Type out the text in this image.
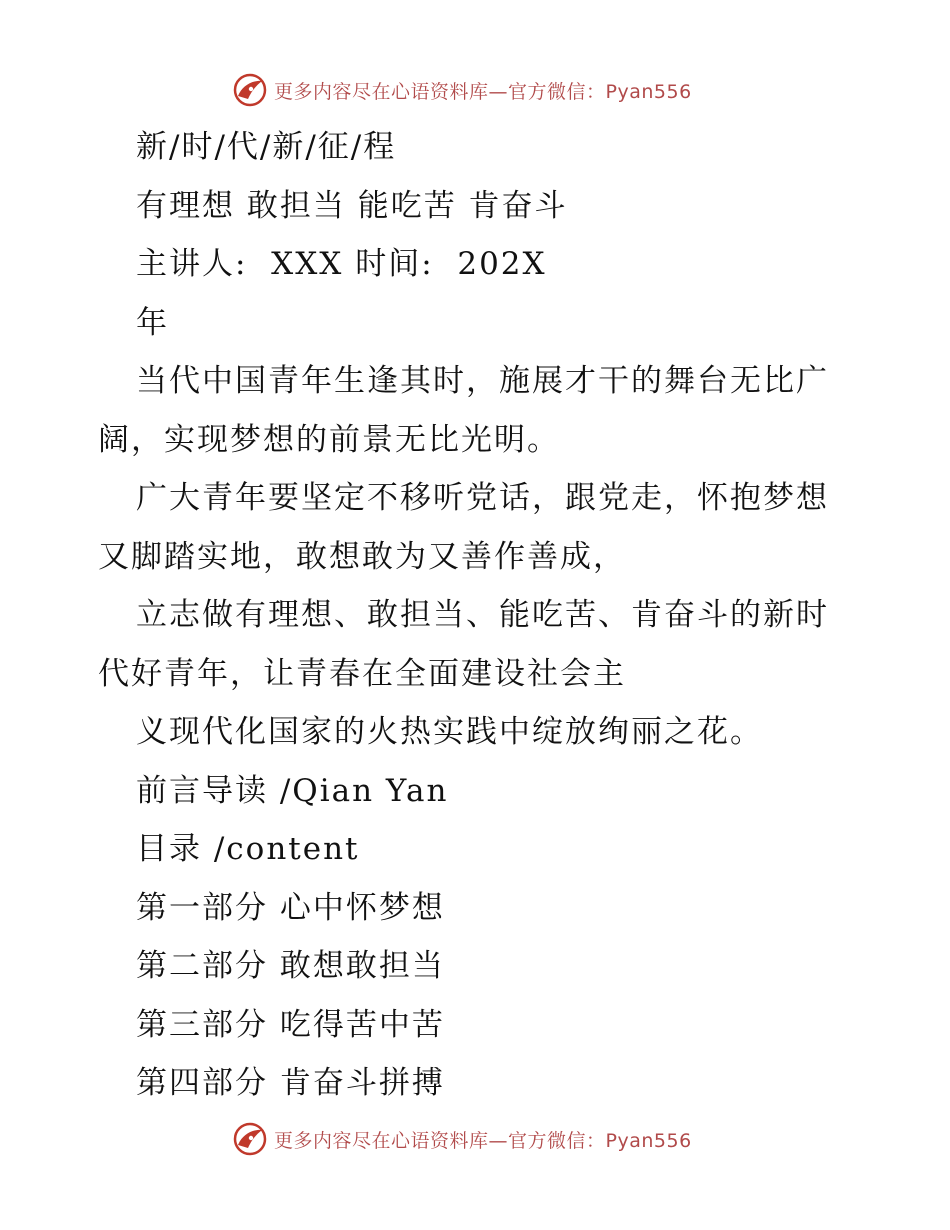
更多内容尽在心语资料库—官方微信：Pyan556

新/时/代/新/征/程

有理想 敢担当 能吃苦 肯奋斗

主讲人:  XXX 时间:  202X

年

当代中国青年生逢其时，施展才干的舞台无比广阔，实现梦想的前景无比光明。

广大青年要坚定不移听党话，跟党走，怀抱梦想又脚踏实地，敢想敢为又善作善成，

立志做有理想、敢担当、能吃苦、肯奋斗的新时代好青年，让青春在全面建设社会主

义现代化国家的火热实践中绽放绚丽之花。

前言导读 /Qian Yan

目录 /content

第一部分 心中怀梦想

第二部分 敢想敢担当

第三部分 吃得苦中苦

第四部分 肯奋斗拼搏

更多内容尽在心语资料库—官方微信：Pyan556
